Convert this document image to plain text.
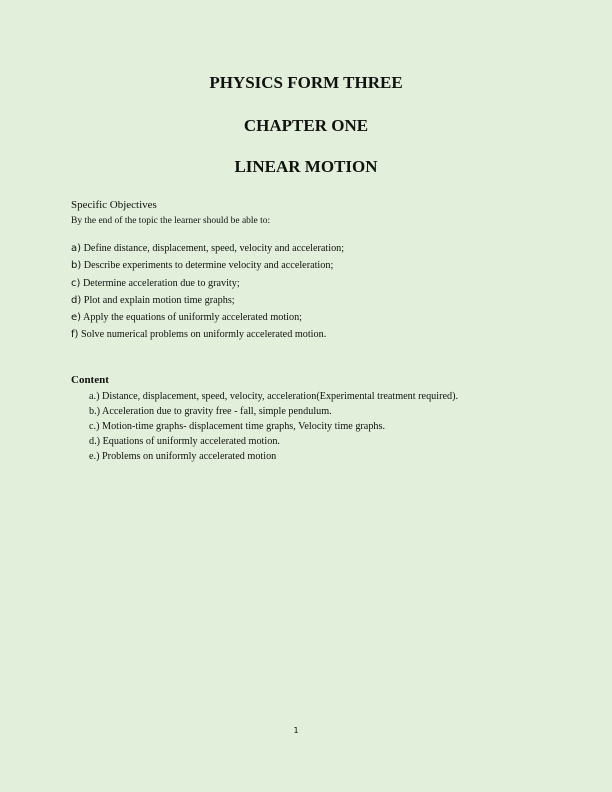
PHYSICS FORM THREE
CHAPTER ONE
LINEAR MOTION
Specific Objectives
By the end of the topic the learner should be able to:
a) Define distance, displacement, speed, velocity and acceleration;
b) Describe experiments to determine velocity and acceleration;
c) Determine acceleration due to gravity;
d) Plot and explain motion time graphs;
e) Apply the equations of uniformly accelerated motion;
f) Solve numerical problems on uniformly accelerated motion.
Content
a.) Distance, displacement, speed, velocity, acceleration(Experimental treatment required).
b.) Acceleration due to gravity free - fall, simple pendulum.
c.) Motion-time graphs- displacement time graphs, Velocity time graphs.
d.) Equations of uniformly accelerated motion.
e.) Problems on uniformly accelerated motion
1
